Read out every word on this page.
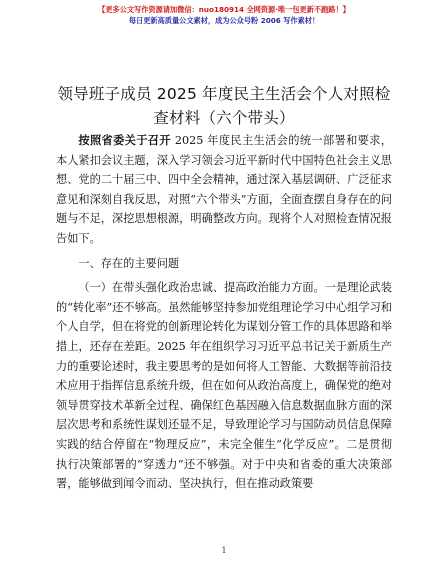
【更多公文写作资源请加微信：nuo180914 全网资源·唯一包更新不跑路！】
每日更新高质量公文素材，成为公众号粉 2006 写作素材！
领导班子成员 2025 年度民主生活会个人对照检
查材料（六个带头）

按照省委关于召开 2025 年度民主生活会的统一部署和要求，本人紧扣会议主题，深入学习领会习近平新时代中国特色社会主义思想、党的二十届三中、四中全会精神，通过深入基层调研、广泛征求意见和深刻自我反思，对照“六个带头”方面，全面查摆自身存在的问题与不足，深挖思想根源，明确整改方向。现将个人对照检查情况报告如下。

一、存在的主要问题

（一）在带头强化政治忠诚、提高政治能力方面。一是理论武装的“转化率”还不够高。虽然能够坚持参加党组理论学习中心组学习和个人自学，但在将党的创新理论转化为谋划分管工作的具体思路和举措上，还存在差距。2025 年在组织学习习近平总书记关于新质生产力的重要论述时，我主要思考的是如何将人工智能、大数据等前沿技术应用于指挥信息系统升级，但在如何从政治高度上，确保党的绝对领导贯穿技术革新全过程、确保红色基因融入信息数据血脉方面的深层次思考和系统性谋划还显不足，导致理论学习与国防动员信息保障实践的结合停留在“物理反应”，未完全催生“化学反应”。二是贯彻执行决策部署的“穿透力”还不够强。对于中央和省委的重大决策部署，能够做到闻令而动、坚决执行，但在推动政策要

1
